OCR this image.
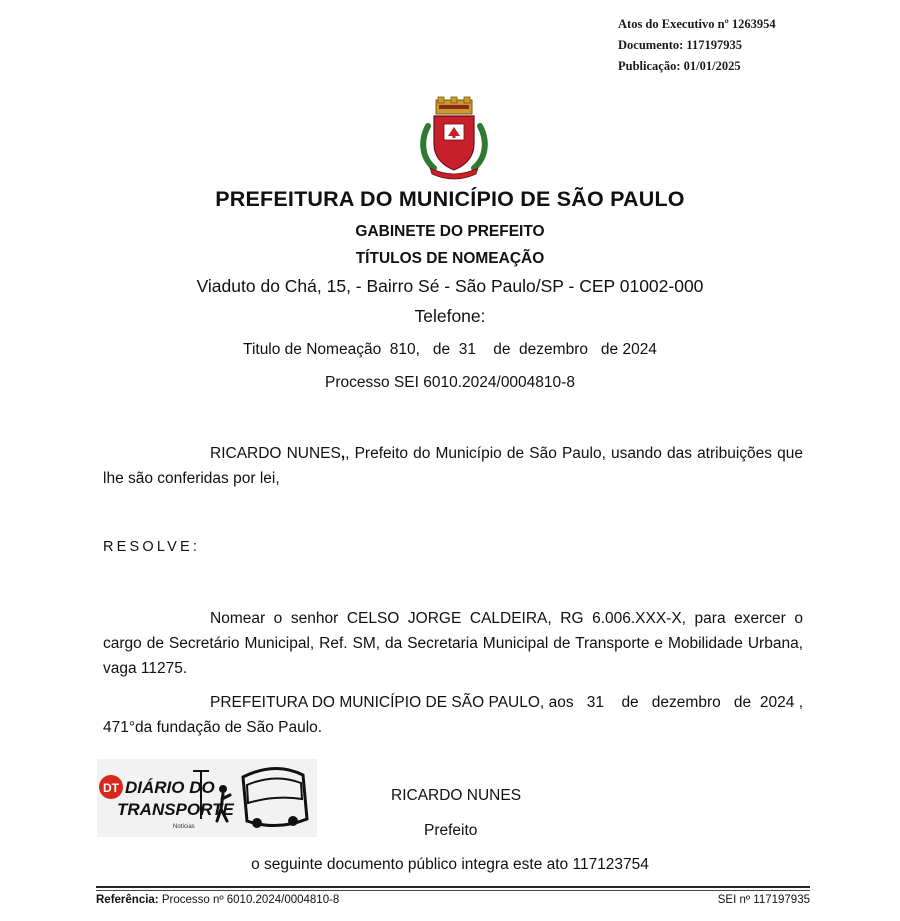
Atos do Executivo nº 1263954
Documento: 117197935
Publicação: 01/01/2025
PREFEITURA DO MUNICÍPIO DE SÃO PAULO
GABINETE DO PREFEITO
TÍTULOS DE NOMEAÇÃO
Viaduto do Chá, 15, - Bairro Sé - São Paulo/SP - CEP 01002-000
Telefone:
Titulo de Nomeação  810,   de  31    de  dezembro   de 2024
Processo SEI 6010.2024/0004810-8
RICARDO NUNES,, Prefeito do Município de São Paulo, usando das atribuições que lhe são conferidas por lei,
RESOLVE:
Nomear o senhor CELSO JORGE CALDEIRA, RG 6.006.XXX-X, para exercer o cargo de Secretário Municipal, Ref. SM, da Secretaria Municipal de Transporte e Mobilidade Urbana, vaga 11275.
PREFEITURA DO MUNICÍPIO DE SÃO PAULO, aos   31    de   dezembro   de  2024 , 471°da fundação de São Paulo.
DT DIÁRIO DO
TRANSPORTE
Notícias
RICARDO NUNES
Prefeito
o seguinte documento público integra este ato 117123754
Referência: Processo nº 6010.2024/0004810-8	SEI nº 117197935
